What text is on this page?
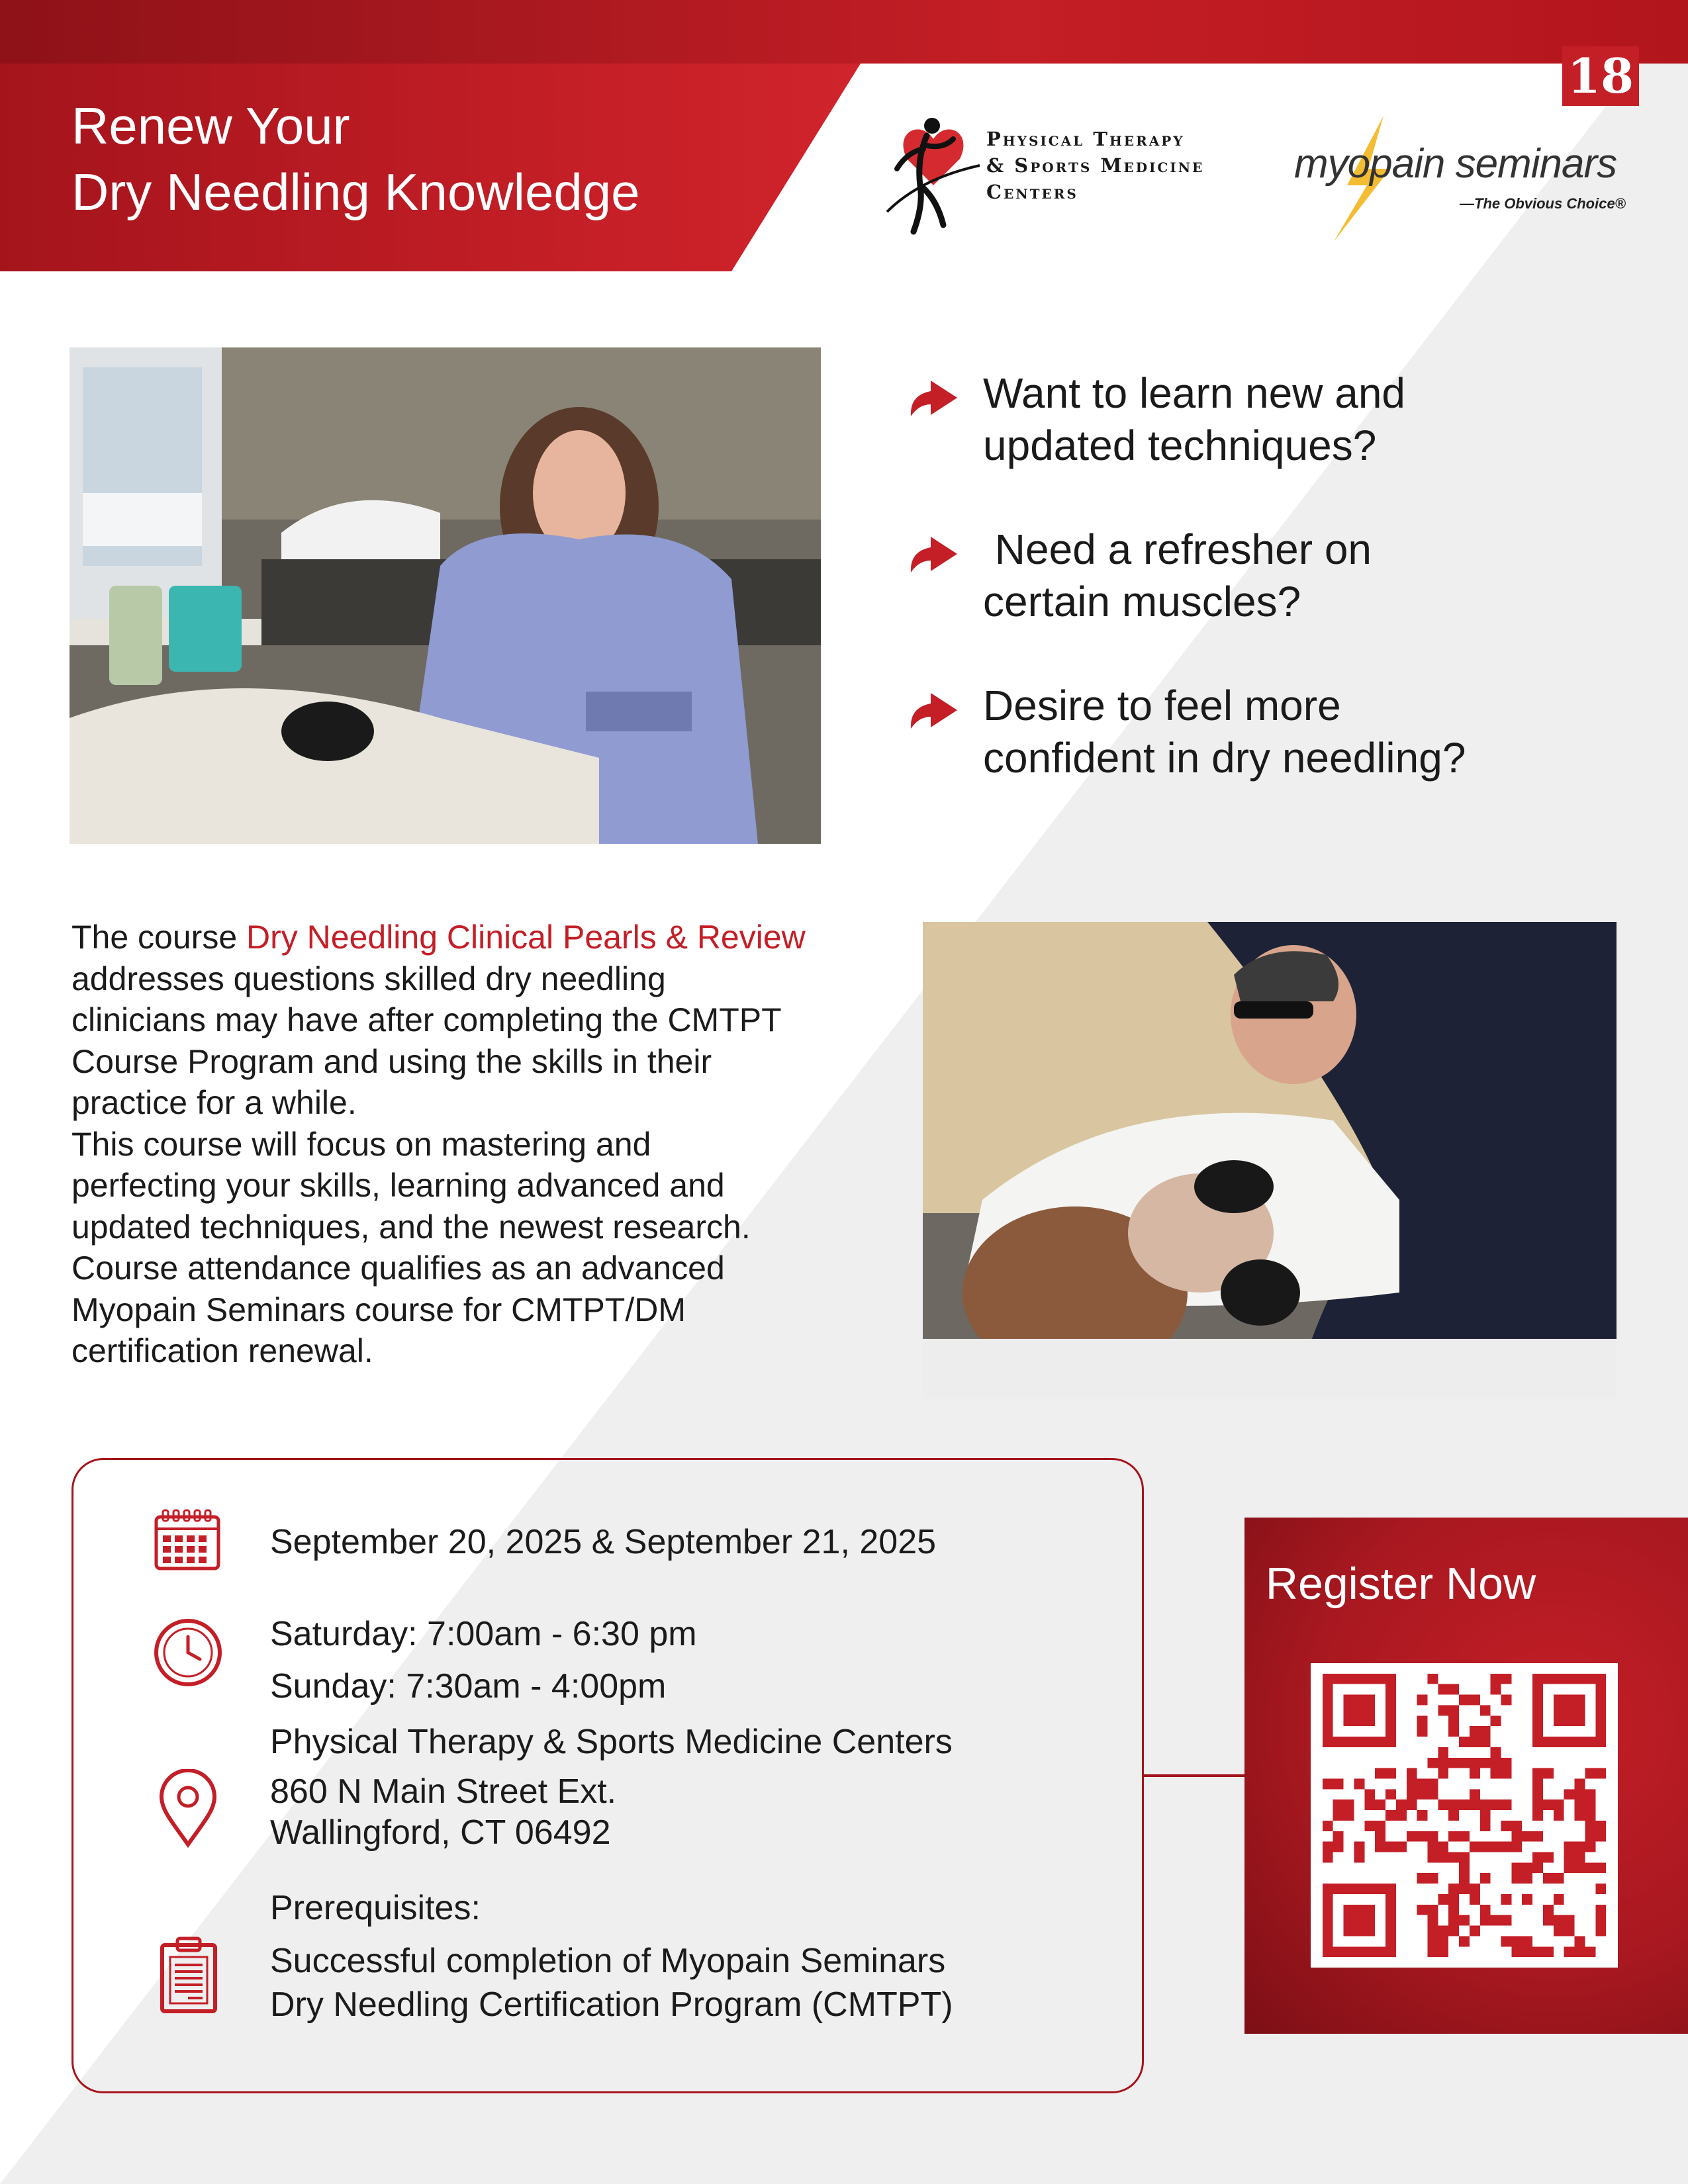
Renew Your
Dry Needling Knowledge
18
Physical Therapy
& Sports Medicine
Centers
myopain seminars
—The Obvious Choice®
Want to learn new and
updated techniques?
Need a refresher on
certain muscles?
Desire to feel more
confident in dry needling?
The course Dry Needling Clinical Pearls & Review
addresses questions skilled dry needling
clinicians may have after completing the CMTPT
Course Program and using the skills in their
practice for a while.
This course will focus on mastering and
perfecting your skills, learning advanced and
updated techniques, and the newest research.
Course attendance qualifies as an advanced
Myopain Seminars course for CMTPT/DM
certification renewal.
September 20, 2025 & September 21, 2025
Saturday: 7:00am - 6:30 pm
Sunday: 7:30am - 4:00pm
Physical Therapy & Sports Medicine Centers
860 N Main Street Ext.
Wallingford, CT 06492
Prerequisites:
Successful completion of Myopain Seminars
Dry Needling Certification Program (CMTPT)
Register Now
